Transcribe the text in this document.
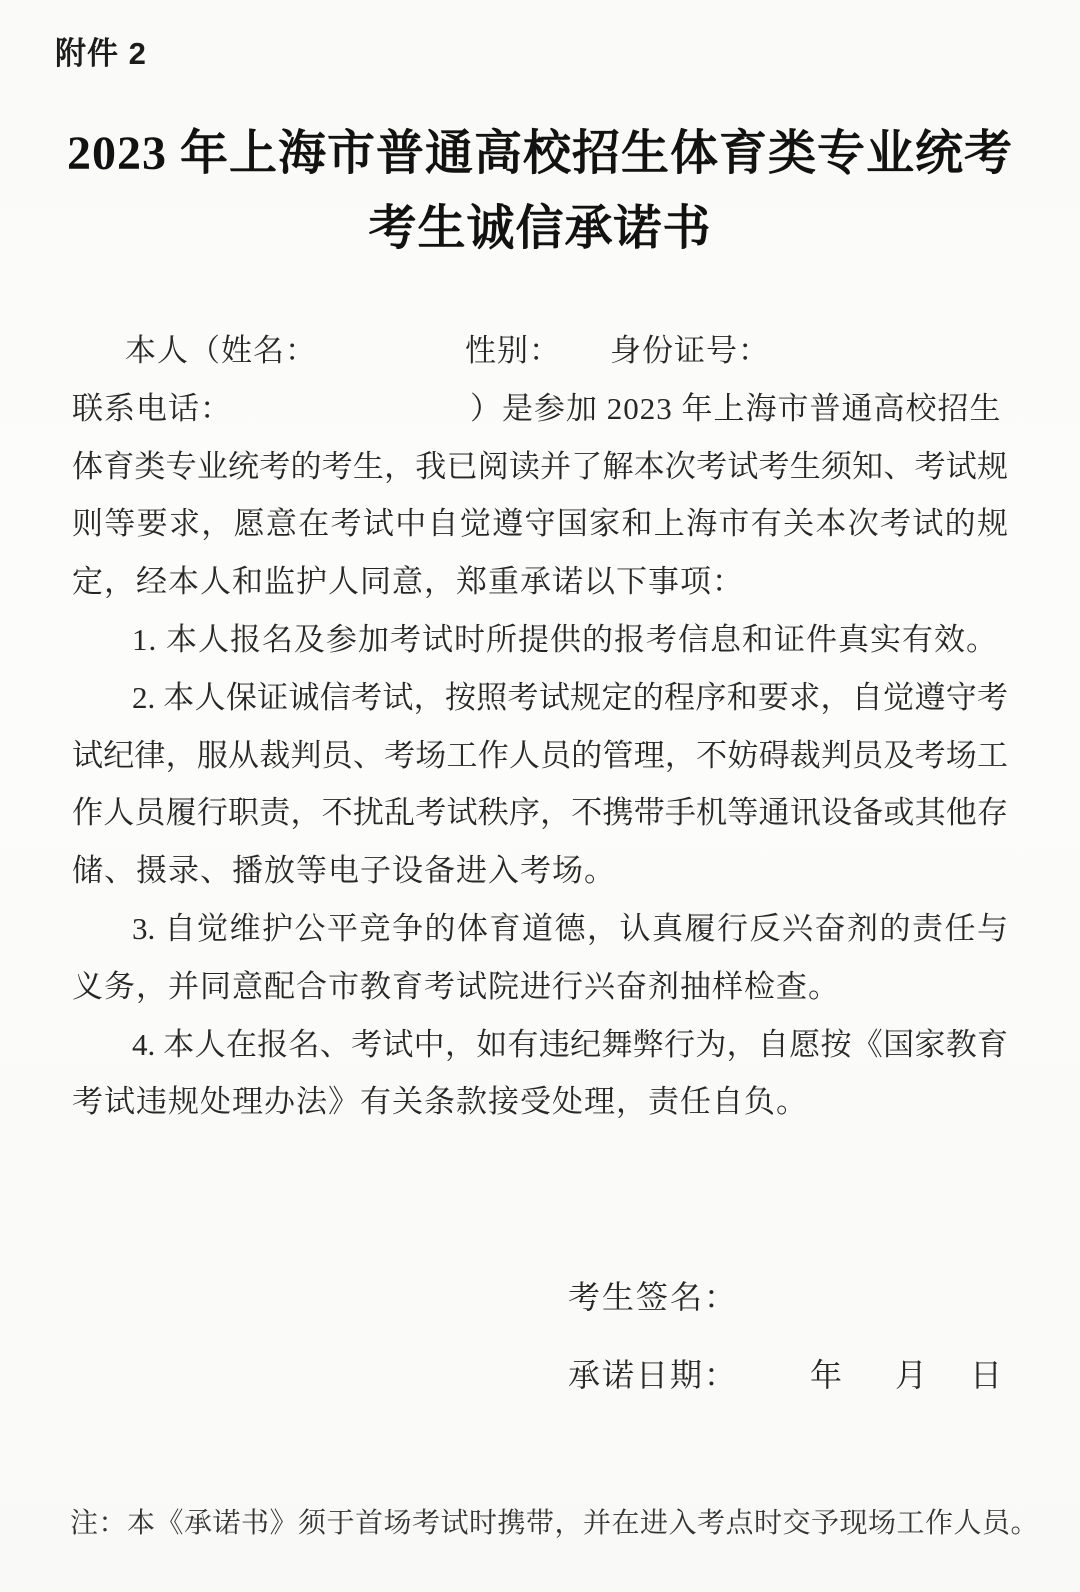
附件 2
2023 年上海市普通高校招生体育类专业统考
考生诚信承诺书
本人（姓名：	性别： 身份证号：
联系电话：	）是参加 2023 年上海市普通高校招生
体育类专业统考的考生，我已阅读并了解本次考试考生须知、考试规
则等要求，愿意在考试中自觉遵守国家和上海市有关本次考试的规
定，经本人和监护人同意，郑重承诺以下事项：
1. 本人报名及参加考试时所提供的报考信息和证件真实有效。
2. 本人保证诚信考试，按照考试规定的程序和要求，自觉遵守考
试纪律，服从裁判员、考场工作人员的管理，不妨碍裁判员及考场工
作人员履行职责，不扰乱考试秩序，不携带手机等通讯设备或其他存
储、摄录、播放等电子设备进入考场。
3. 自觉维护公平竞争的体育道德，认真履行反兴奋剂的责任与
义务，并同意配合市教育考试院进行兴奋剂抽样检查。
4. 本人在报名、考试中，如有违纪舞弊行为，自愿按《国家教育
考试违规处理办法》有关条款接受处理，责任自负。
考生签名：
承诺日期： 年 月 日
注：本《承诺书》须于首场考试时携带，并在进入考点时交予现场工作人员。
